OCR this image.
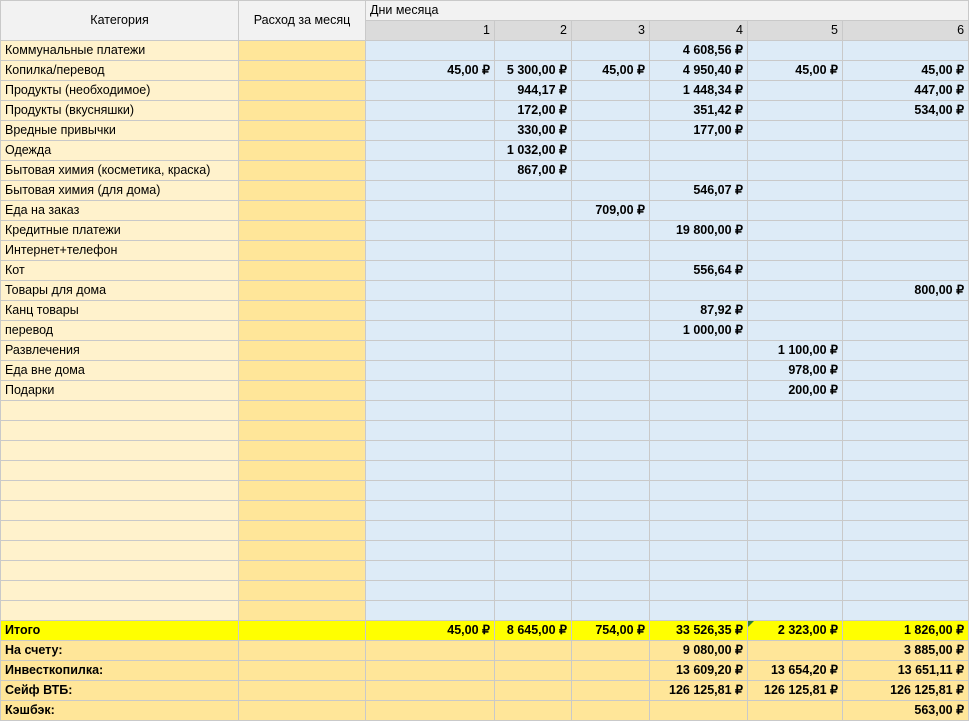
Категория	Расход за месяц	Дни месяца					
		1	2	3	4	5	6
Коммунальные платежи					4 608,56 ₽		
Копилка/перевод		45,00 ₽	5 300,00 ₽	45,00 ₽	4 950,40 ₽	45,00 ₽	45,00 ₽
Продукты (необходимое)			944,17 ₽		1 448,34 ₽		447,00 ₽
Продукты (вкусняшки)			172,00 ₽		351,42 ₽		534,00 ₽
Вредные привычки			330,00 ₽		177,00 ₽		
Одежда			1 032,00 ₽				
Бытовая химия (косметика, краска)			867,00 ₽				
Бытовая химия (для дома)					546,07 ₽		
Еда на заказ				709,00 ₽			
Кредитные платежи					19 800,00 ₽		
Интернет+телефон							
Кот					556,64 ₽		
Товары для дома							800,00 ₽
Канц товары					87,92 ₽		
перевод					1 000,00 ₽		
Развлечения						1 100,00 ₽	
Еда вне дома						978,00 ₽	
Подарки						200,00 ₽	

Итого		45,00 ₽	8 645,00 ₽	754,00 ₽	33 526,35 ₽	2 323,00 ₽	1 826,00 ₽
На счету:					9 080,00 ₽		3 885,00 ₽
Инвесткопилка:					13 609,20 ₽	13 654,20 ₽	13 651,11 ₽
Сейф ВТБ:					126 125,81 ₽	126 125,81 ₽	126 125,81 ₽
Кэшбэк:							563,00 ₽
